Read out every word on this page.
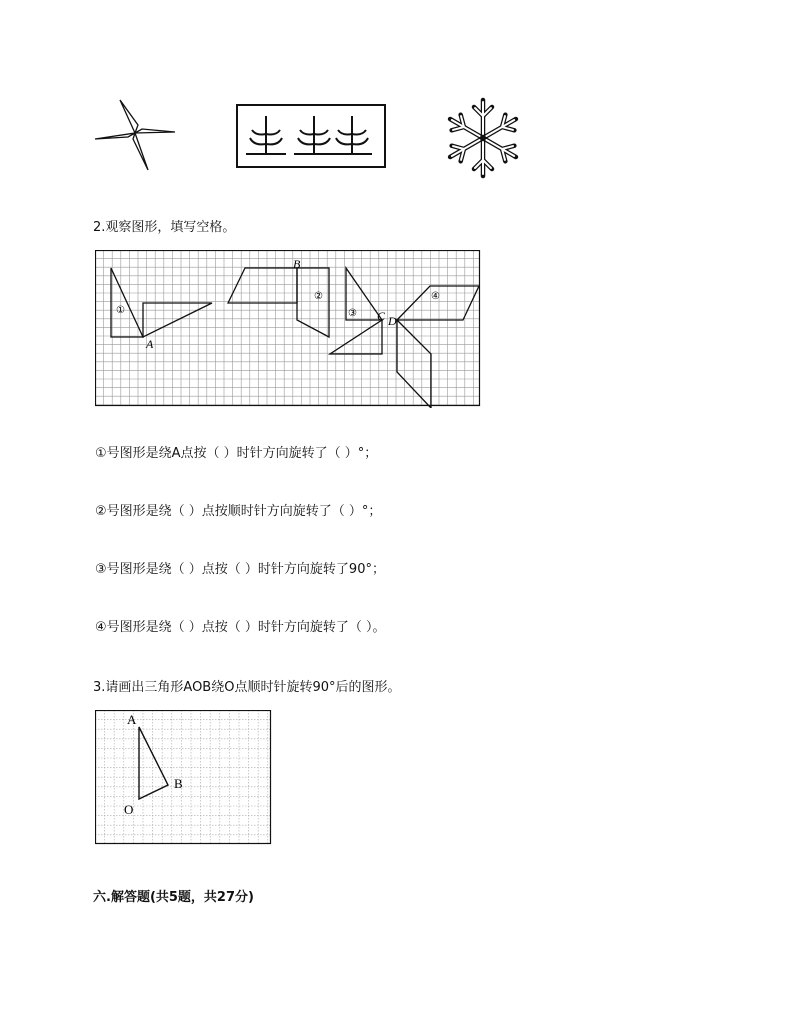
2.观察图形，填写空格。
①
②
③
④
A
B
C D
①号图形是绕A点按（ ）时针方向旋转了（ ）°；
②号图形是绕（ ）点按顺时针方向旋转了（ ）°；
③号图形是绕（ ）点按（ ）时针方向旋转了90°；
④号图形是绕（ ）点按（ ）时针方向旋转了（ ）。
3.请画出三角形AOB绕O点顺时针旋转90°后的图形。
A
B
O
六.解答题(共5题，共27分)
